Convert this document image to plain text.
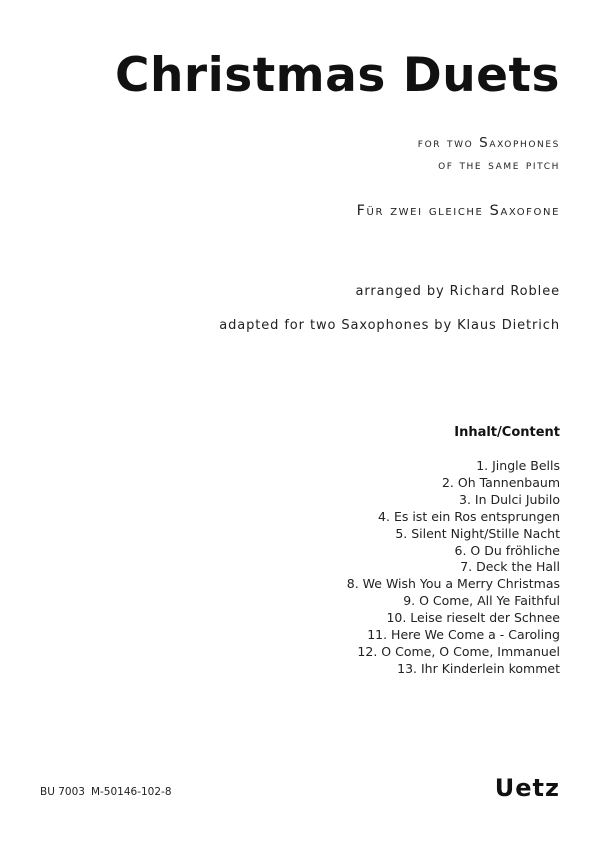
Christmas Duets
for two Saxophones
of the same pitch
Für zwei gleiche Saxofone
arranged by Richard Roblee
adapted for two Saxophones by Klaus Dietrich
Inhalt/Content
1. Jingle Bells
2. Oh Tannenbaum
3. In Dulci Jubilo
4. Es ist ein Ros entsprungen
5. Silent Night/Stille Nacht
6. O Du fröhliche
7. Deck the Hall
8. We Wish You a Merry Christmas
9. O Come, All Ye Faithful
10. Leise rieselt der Schnee
11. Here We Come a - Caroling
12. O Come, O Come, Immanuel
13. Ihr Kinderlein kommet
BU 7003 M-50146-102-8	Uetz
